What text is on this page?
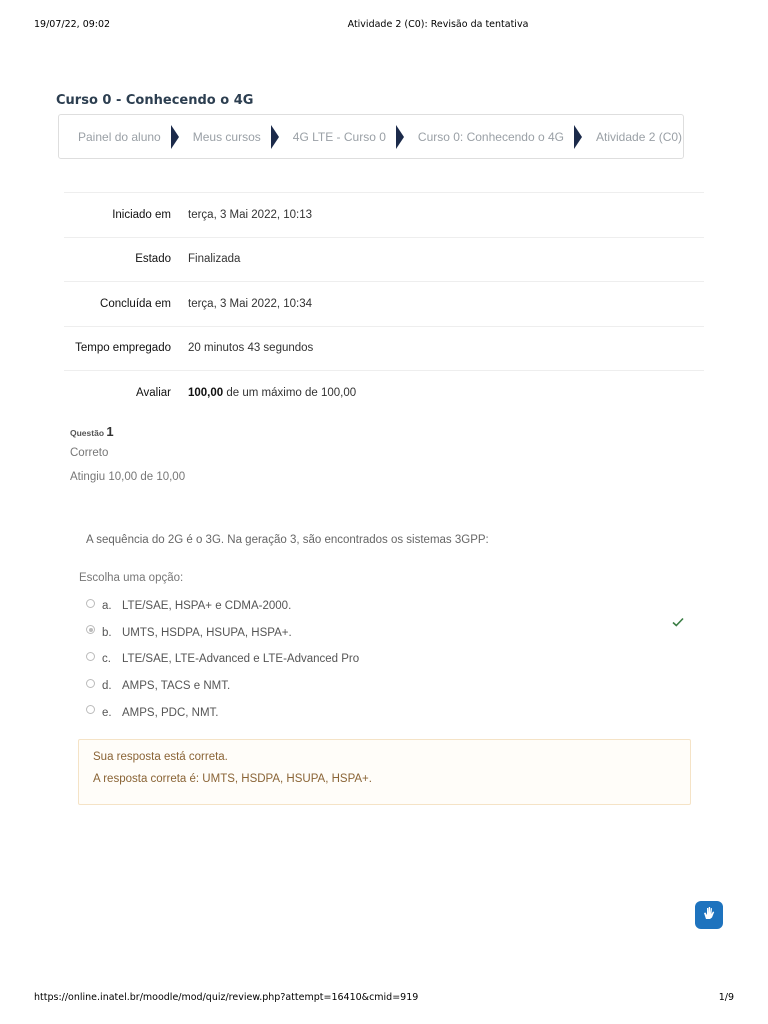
19/07/22, 09:02	Atividade 2 (C0): Revisão da tentativa
Curso 0 - Conhecendo o 4G
Painel do aluno	Meus cursos	4G LTE - Curso 0	Curso 0: Conhecendo o 4G	Atividade 2 (C0)
Iniciado em	terça, 3 Mai 2022, 10:13
Estado	Finalizada
Concluída em	terça, 3 Mai 2022, 10:34
Tempo empregado	20 minutos 43 segundos
Avaliar	100,00 de um máximo de 100,00
Questão 1
Correto
Atingiu 10,00 de 10,00
A sequência do 2G é o 3G. Na geração 3, são encontrados os sistemas 3GPP:
Escolha uma opção:
a. LTE/SAE, HSPA+ e CDMA-2000.
b. UMTS, HSDPA, HSUPA, HSPA+.
c. LTE/SAE, LTE-Advanced e LTE-Advanced Pro
d. AMPS, TACS e NMT.
e. AMPS, PDC, NMT.
Sua resposta está correta.
A resposta correta é: UMTS, HSDPA, HSUPA, HSPA+.
https://online.inatel.br/moodle/mod/quiz/review.php?attempt=16410&cmid=919	1/9
